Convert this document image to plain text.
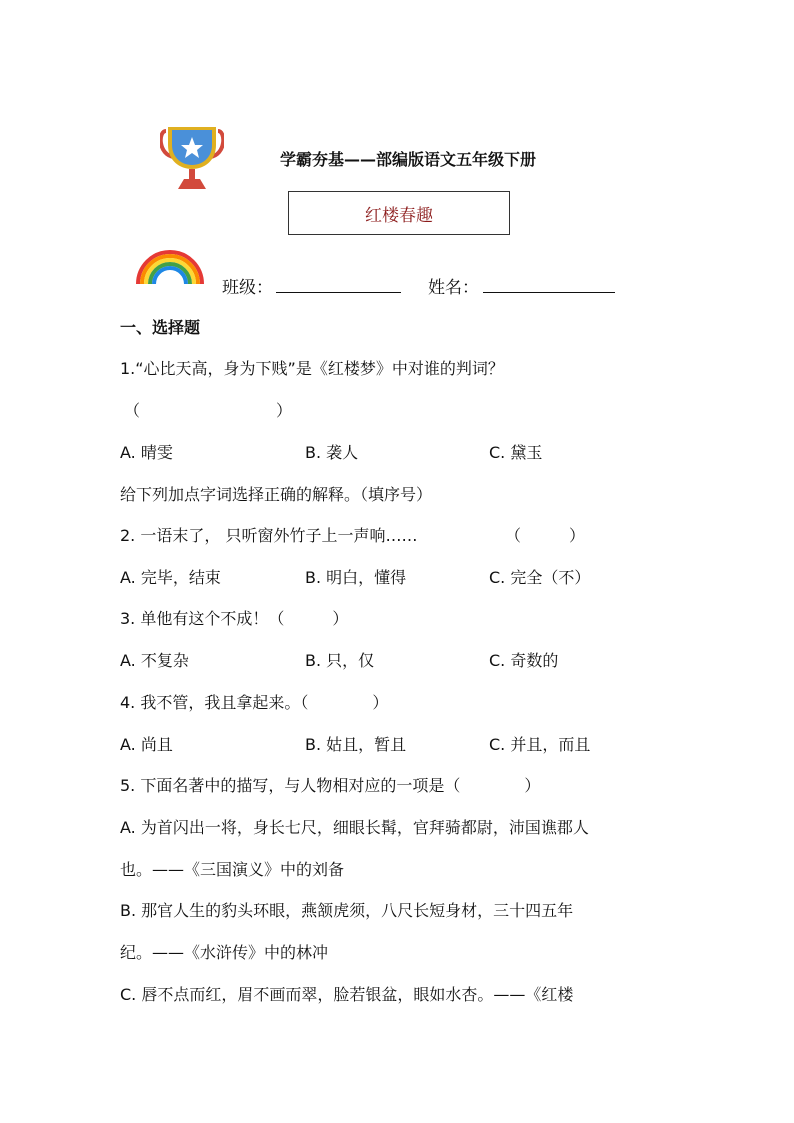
学霸夯基——部编版语文五年级下册
红楼春趣
班级：	姓名：
一、选择题
1.“心比天高，身为下贱”是《红楼梦》中对谁的判词？
（	）
A. 晴雯	B. 袭人	C. 黛玉
给下列加点字词选择正确的解释。（填序号）
2. 一语末了， 只听窗外竹子上一声响……	（　　　）
A. 完毕，结束	B. 明白，懂得	C. 完全（不）
3. 单他有这个不成！（　　　）
A. 不复杂	B. 只，仅	C. 奇数的
4. 我不管，我且拿起来。（　　　　）
A. 尚且	B. 姑且，暂且	C. 并且，而且
5. 下面名著中的描写，与人物相对应的一项是（　　　　）
A. 为首闪出一将，身长七尺，细眼长髯，官拜骑都尉，沛国谯郡人
也。——《三国演义》中的刘备
B. 那官人生的豹头环眼，燕颔虎须，八尺长短身材，三十四五年
纪。——《水浒传》中的林冲
C. 唇不点而红，眉不画而翠，脸若银盆，眼如水杏。——《红楼
